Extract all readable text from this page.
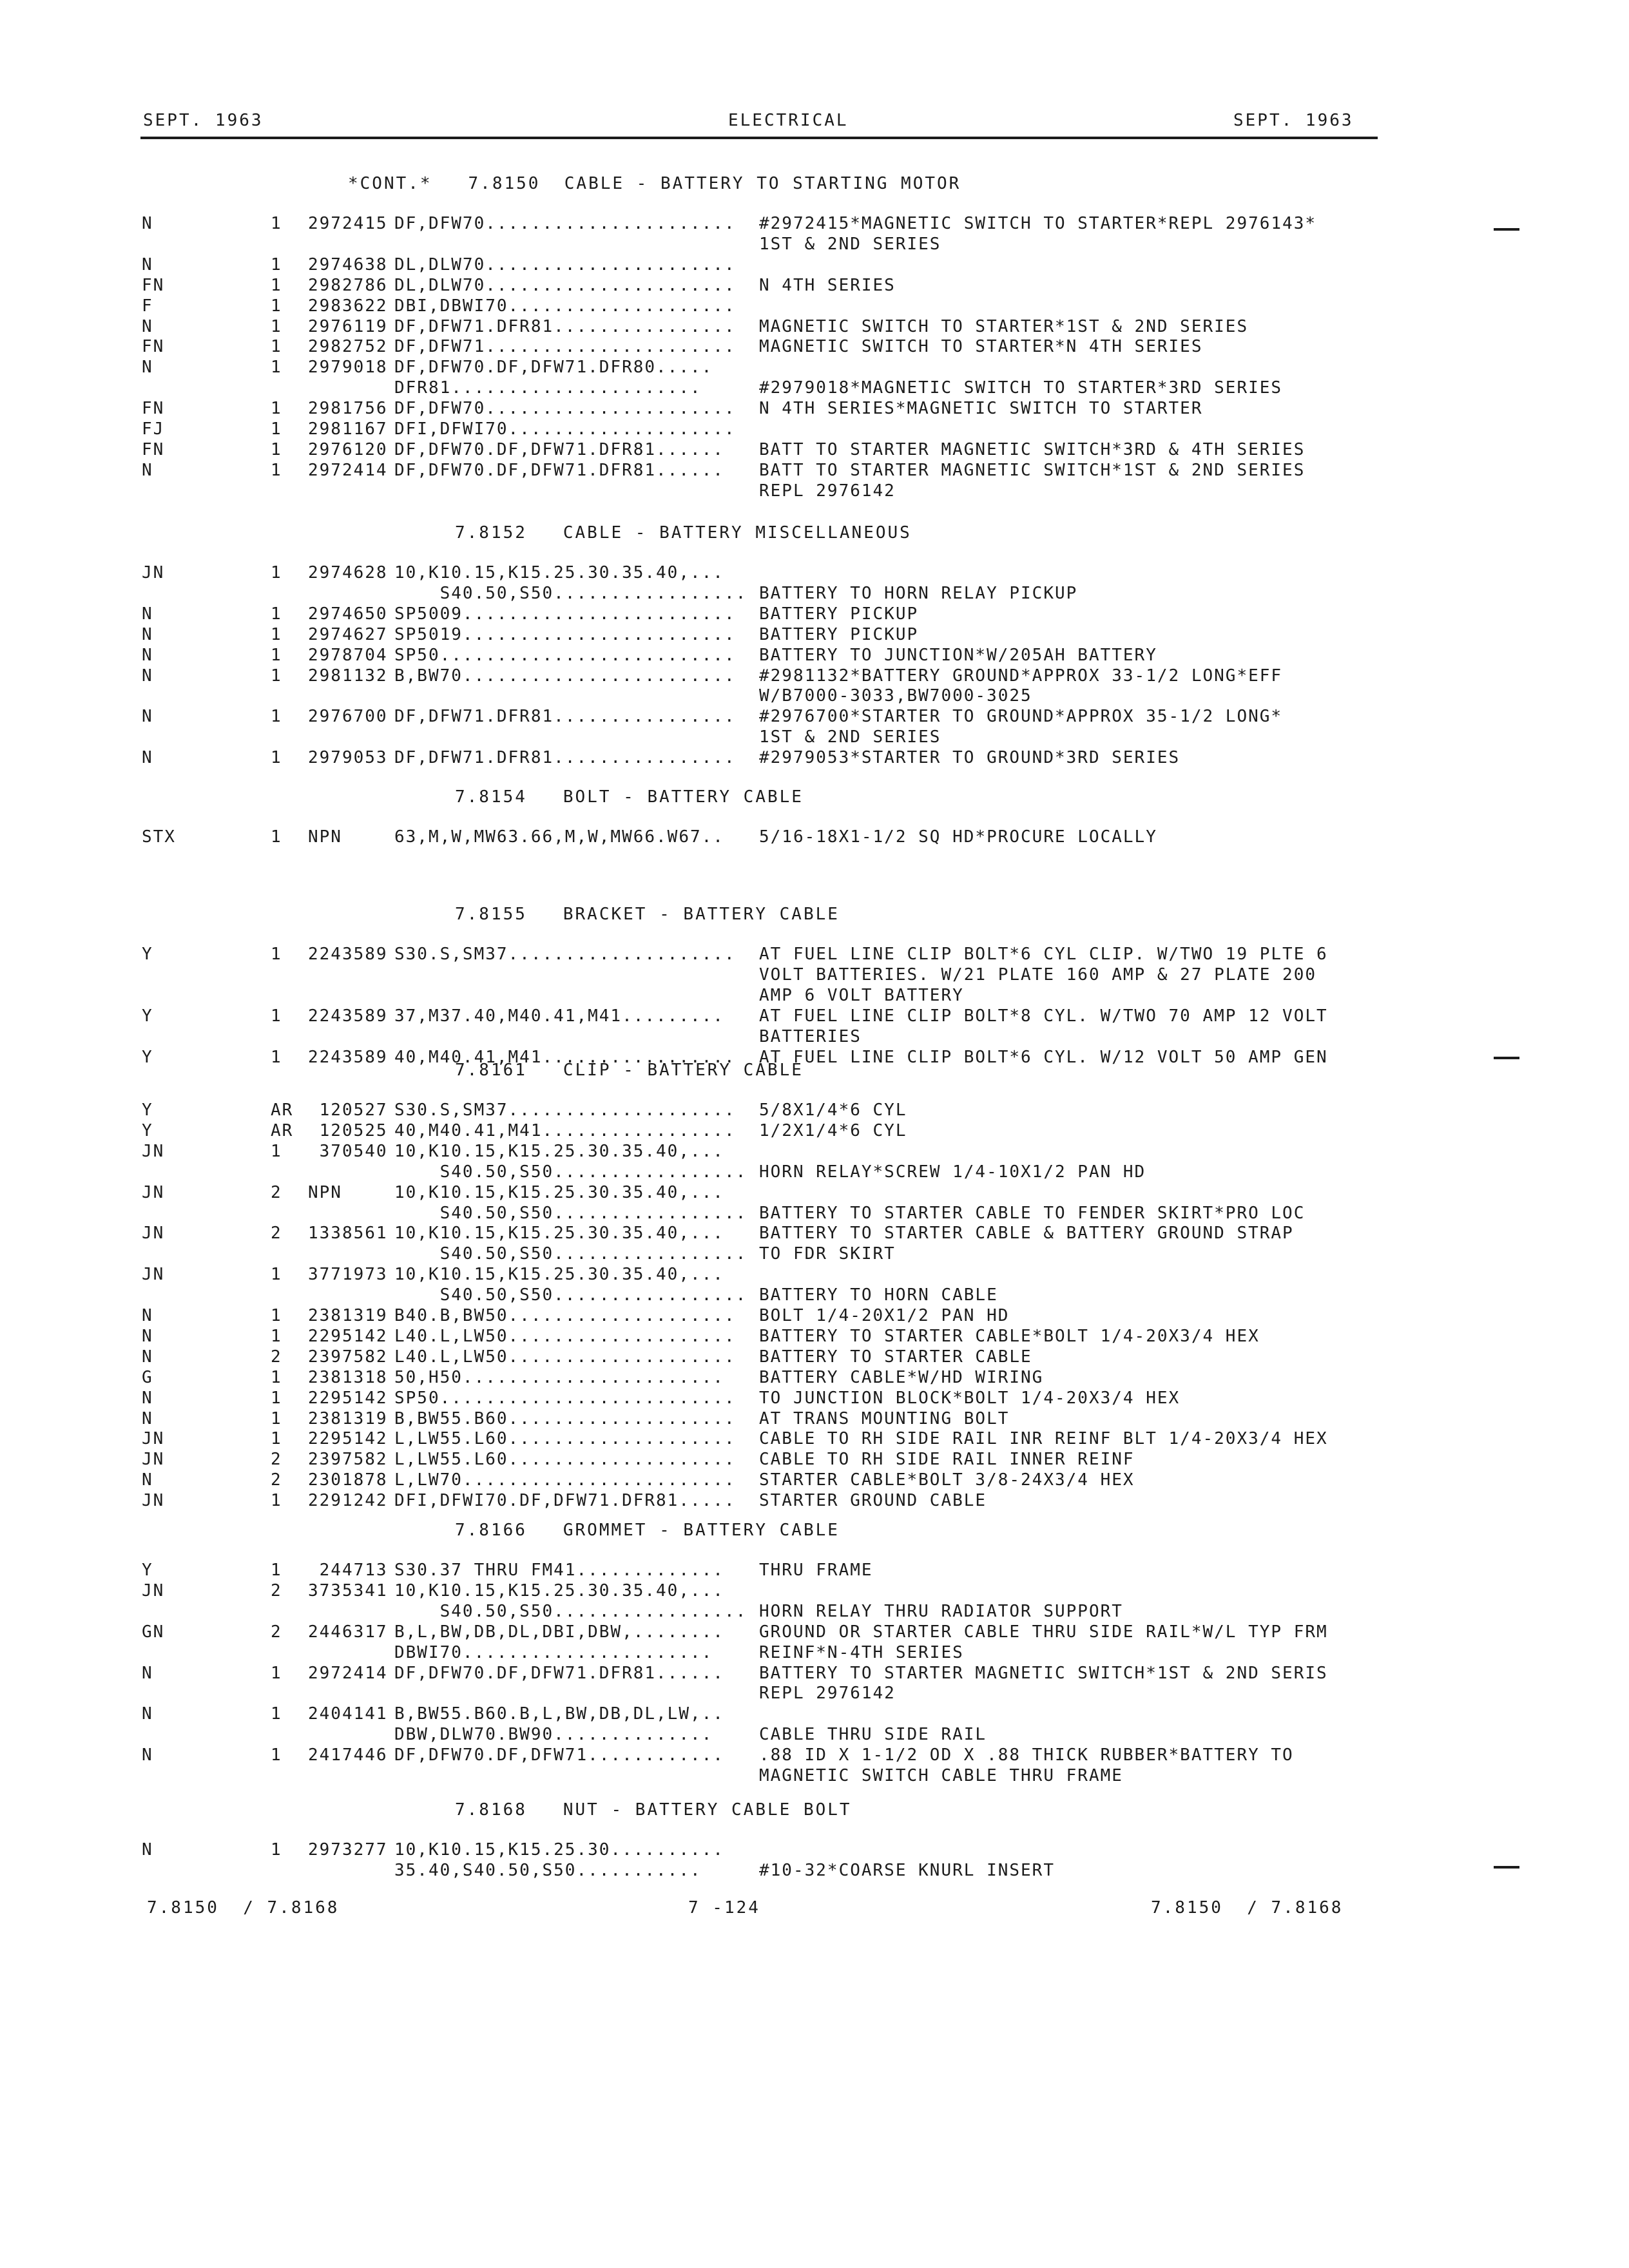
SEPT. 1963	ELECTRICAL	SEPT. 1963
*CONT.*   7.8150  CABLE - BATTERY TO STARTING MOTOR
N	1 2972415 DF,DFW70...................... #2972415*MAGNETIC SWITCH TO STARTER*REPL 2976143*
1ST & 2ND SERIES
N	1 2974638 DL,DLW70......................
FN	1 2982786 DL,DLW70...................... N 4TH SERIES
F	1 2983622 DBI,DBWI70....................
N	1 2976119 DF,DFW71.DFR81................ MAGNETIC SWITCH TO STARTER*1ST & 2ND SERIES
FN	1 2982752 DF,DFW71...................... MAGNETIC SWITCH TO STARTER*N 4TH SERIES
N	1 2979018 DF,DFW70.DF,DFW71.DFR80.....
DFR81......................	#2979018*MAGNETIC SWITCH TO STARTER*3RD SERIES
FN	1 2981756 DF,DFW70...................... N 4TH SERIES*MAGNETIC SWITCH TO STARTER
FJ	1 2981167 DFI,DFWI70....................
FN	1 2976120 DF,DFW70.DF,DFW71.DFR81...... BATT TO STARTER MAGNETIC SWITCH*3RD & 4TH SERIES
N	1 2972414 DF,DFW70.DF,DFW71.DFR81...... BATT TO STARTER MAGNETIC SWITCH*1ST & 2ND SERIES
REPL 2976142
7.8152   CABLE - BATTERY MISCELLANEOUS
JN	1 2974628 10,K10.15,K15.25.30.35.40,...
S40.50,S50................. BATTERY TO HORN RELAY PICKUP
N	1 2974650 SP5009........................ BATTERY PICKUP
N	1 2974627 SP5019........................ BATTERY PICKUP
N	1 2978704 SP50.......................... BATTERY TO JUNCTION*W/205AH BATTERY
N	1 2981132 B,BW70........................ #2981132*BATTERY GROUND*APPROX 33-1/2 LONG*EFF
W/B7000-3033,BW7000-3025
N	1 2976700 DF,DFW71.DFR81................ #2976700*STARTER TO GROUND*APPROX 35-1/2 LONG*
1ST & 2ND SERIES
N	1 2979053 DF,DFW71.DFR81................ #2979053*STARTER TO GROUND*3RD SERIES
7.8154   BOLT - BATTERY CABLE
STX	1 NPN	63,M,W,MW63.66,M,W,MW66.W67.. 5/16-18X1-1/2 SQ HD*PROCURE LOCALLY
7.8155   BRACKET - BATTERY CABLE
Y	1 2243589 S30.S,SM37.................... AT FUEL LINE CLIP BOLT*6 CYL CLIP. W/TWO 19 PLTE 6
VOLT BATTERIES. W/21 PLATE 160 AMP & 27 PLATE 200
AMP 6 VOLT BATTERY
Y	1 2243589 37,M37.40,M40.41,M41......... AT FUEL LINE CLIP BOLT*8 CYL. W/TWO 70 AMP 12 VOLT
BATTERIES
Y	1 2243589 40,M40.41,M41................. AT FUEL LINE CLIP BOLT*6 CYL. W/12 VOLT 50 AMP GEN
7.8161   CLIP - BATTERY CABLE
Y	AR 120527 S30.S,SM37.................... 5/8X1/4*6 CYL
Y	AR 120525 40,M40.41,M41................. 1/2X1/4*6 CYL
JN	1 370540 10,K10.15,K15.25.30.35.40,...
S40.50,S50................. HORN RELAY*SCREW 1/4-10X1/2 PAN HD
JN	2 NPN	10,K10.15,K15.25.30.35.40,...
S40.50,S50................. BATTERY TO STARTER CABLE TO FENDER SKIRT*PRO LOC
JN	2 1338561 10,K10.15,K15.25.30.35.40,... BATTERY TO STARTER CABLE & BATTERY GROUND STRAP
S40.50,S50................. TO FDR SKIRT
JN	1 3771973 10,K10.15,K15.25.30.35.40,...
S40.50,S50................. BATTERY TO HORN CABLE
N	1 2381319 B40.B,BW50.................... BOLT 1/4-20X1/2 PAN HD
N	1 2295142 L40.L,LW50.................... BATTERY TO STARTER CABLE*BOLT 1/4-20X3/4 HEX
N	2 2397582 L40.L,LW50.................... BATTERY TO STARTER CABLE
G	1 2381318 50,H50....................... BATTERY CABLE*W/HD WIRING
N	1 2295142 SP50.......................... TO JUNCTION BLOCK*BOLT 1/4-20X3/4 HEX
N	1 2381319 B,BW55.B60.................... AT TRANS MOUNTING BOLT
JN	1 2295142 L,LW55.L60.................... CABLE TO RH SIDE RAIL INR REINF BLT 1/4-20X3/4 HEX
JN	2 2397582 L,LW55.L60.................... CABLE TO RH SIDE RAIL INNER REINF
N	2 2301878 L,LW70........................ STARTER CABLE*BOLT 3/8-24X3/4 HEX
JN	1 2291242 DFI,DFWI70.DF,DFW71.DFR81..... STARTER GROUND CABLE
7.8166   GROMMET - BATTERY CABLE
Y	1 244713 S30.37 THRU FM41............. THRU FRAME
JN	2 3735341 10,K10.15,K15.25.30.35.40,...
S40.50,S50................. HORN RELAY THRU RADIATOR SUPPORT
GN	2 2446317 B,L,BW,DB,DL,DBI,DBW,........ GROUND OR STARTER CABLE THRU SIDE RAIL*W/L TYP FRM
DBWI70......................	REINF*N-4TH SERIES
N	1 2972414 DF,DFW70.DF,DFW71.DFR81...... BATTERY TO STARTER MAGNETIC SWITCH*1ST & 2ND SERIS
REPL 2976142
N	1 2404141 B,BW55.B60.B,L,BW,DB,DL,LW,..
DBW,DLW70.BW90..............	CABLE THRU SIDE RAIL
N	1 2417446 DF,DFW70.DF,DFW71............ .88 ID X 1-1/2 OD X .88 THICK RUBBER*BATTERY TO
MAGNETIC SWITCH CABLE THRU FRAME
7.8168   NUT - BATTERY CABLE BOLT
N	1 2973277 10,K10.15,K15.25.30..........
35.40,S40.50,S50...........	#10-32*COARSE KNURL INSERT
7.8150  / 7.8168	7 -124	7.8150  / 7.8168
